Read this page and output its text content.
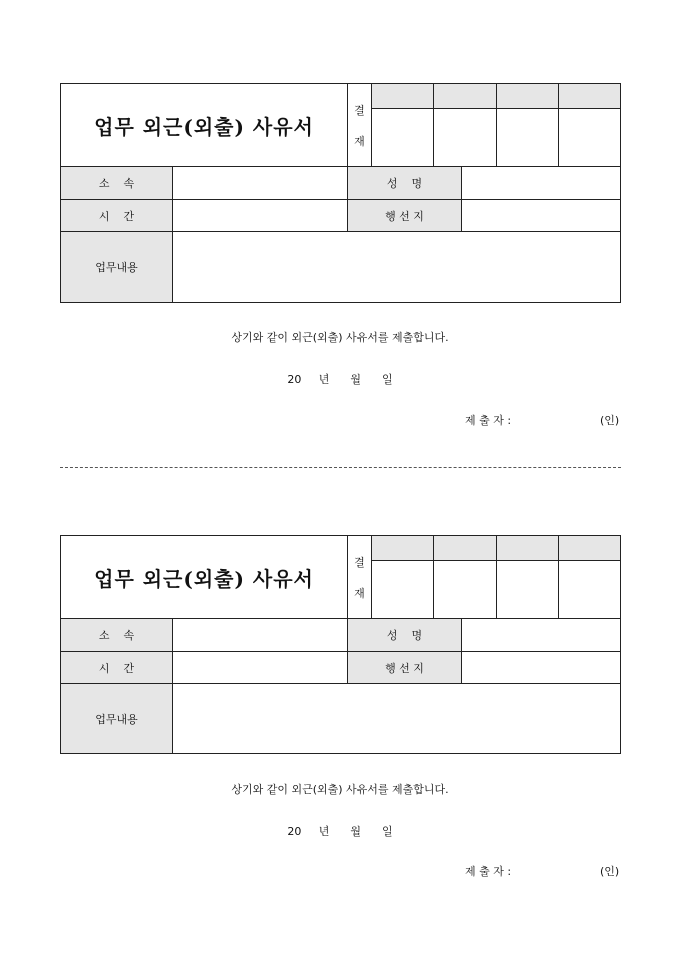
업무 외근(외출) 사유서
결
재
소    속	성    명
시    간	행 선 지
업무내용
상기와 같이 외근(외출) 사유서를 제출합니다.
20     년      월      일
제 출 자 :	(인)
업무 외근(외출) 사유서
결
재
소    속	성    명
시    간	행 선 지
업무내용
상기와 같이 외근(외출) 사유서를 제출합니다.
20     년      월      일
제 출 자 :	(인)
